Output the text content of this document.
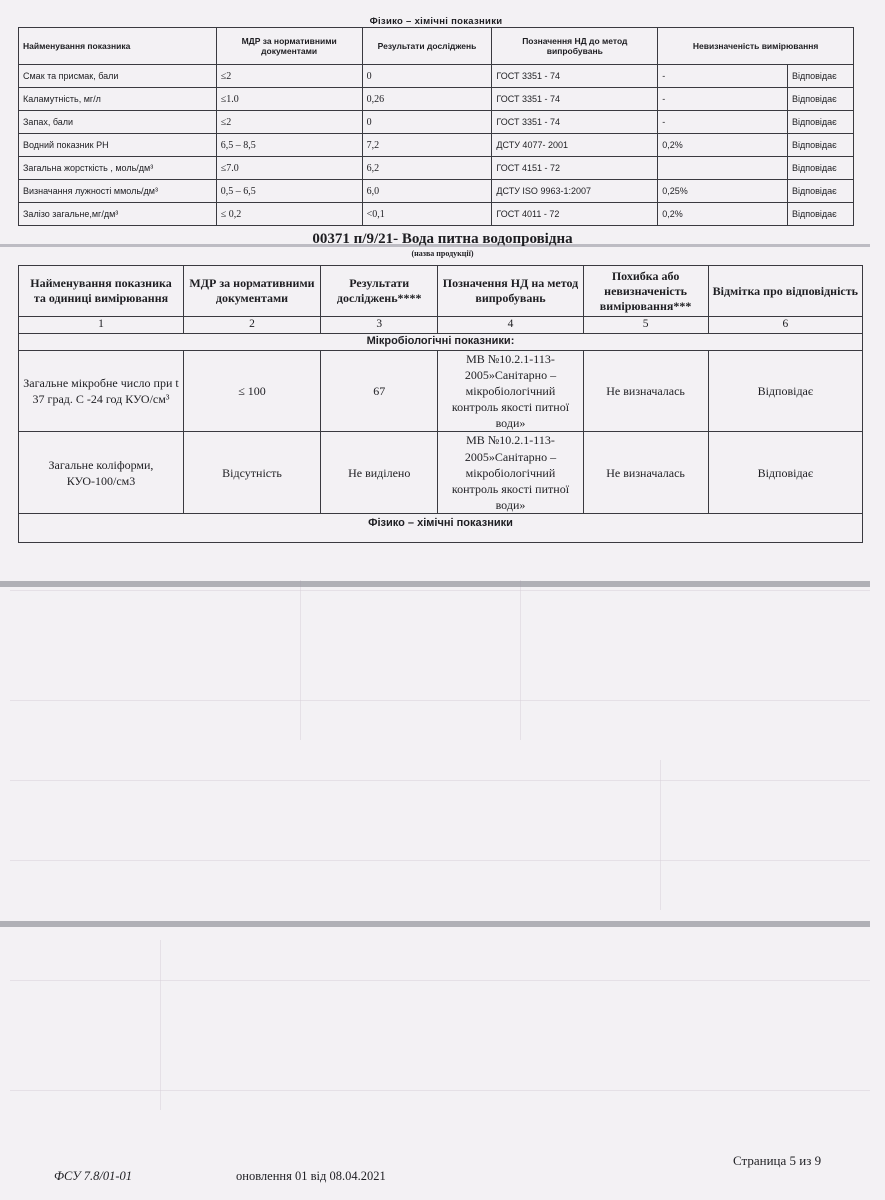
Фізико – хімічні показники
Найменування показника	МДР за нормативними документами	Результати досліджень	Позначення НД до метод випробувань	Невизначеність вимірювання	
Смак та присмак, бали	≤2	0	ГОСТ 3351 - 74	-	Відповідає
Каламутність, мг/л	≤1.0	0,26	ГОСТ 3351 - 74	-	Відповідає
Запах, бали	≤2	0	ГОСТ 3351 - 74	-	Відповідає
Водний показник РН	6,5 – 8,5	7,2	ДСТУ 4077- 2001	0,2%	Відповідає
Загальна жорсткість , моль/дм³	≤7.0	6,2	ГОСТ 4151 - 72		Відповідає
Визначання лужності ммоль/дм³	0,5 – 6,5	6,0	ДСТУ ISO 9963-1:2007	0,25%	Відповідає
Залізо загальне,мг/дм³	≤ 0,2	<0,1	ГОСТ 4011 - 72	0,2%	Відповідає
00371 п/9/21- Вода питна водопровідна
(назва продукції)
Найменування показника та одиниці вимірювання	МДР за нормативними документами	Результати досліджень****	Позначення НД на метод випробувань	Похибка або невизначеність вимірювання***	Відмітка про відповідність
1	2	3	4	5	6
Мікробіологічні показники:					
Загальне мікробне число при t 37 град. С -24 год КУО/см³	≤ 100	67	МВ №10.2.1-113-2005»Санітарно – мікробіологічний контроль якості питної води»	Не визначалась	Відповідає
Загальне коліформи, КУО-100/см3	Відсутність	Не виділено	МВ №10.2.1-113-2005»Санітарно – мікробіологічний контроль якості питної води»	Не визначалась	Відповідає
Фізико – хімічні показники					
ФСУ 7.8/01-01	оновлення 01 від 08.04.2021
Страница 5 из 9
